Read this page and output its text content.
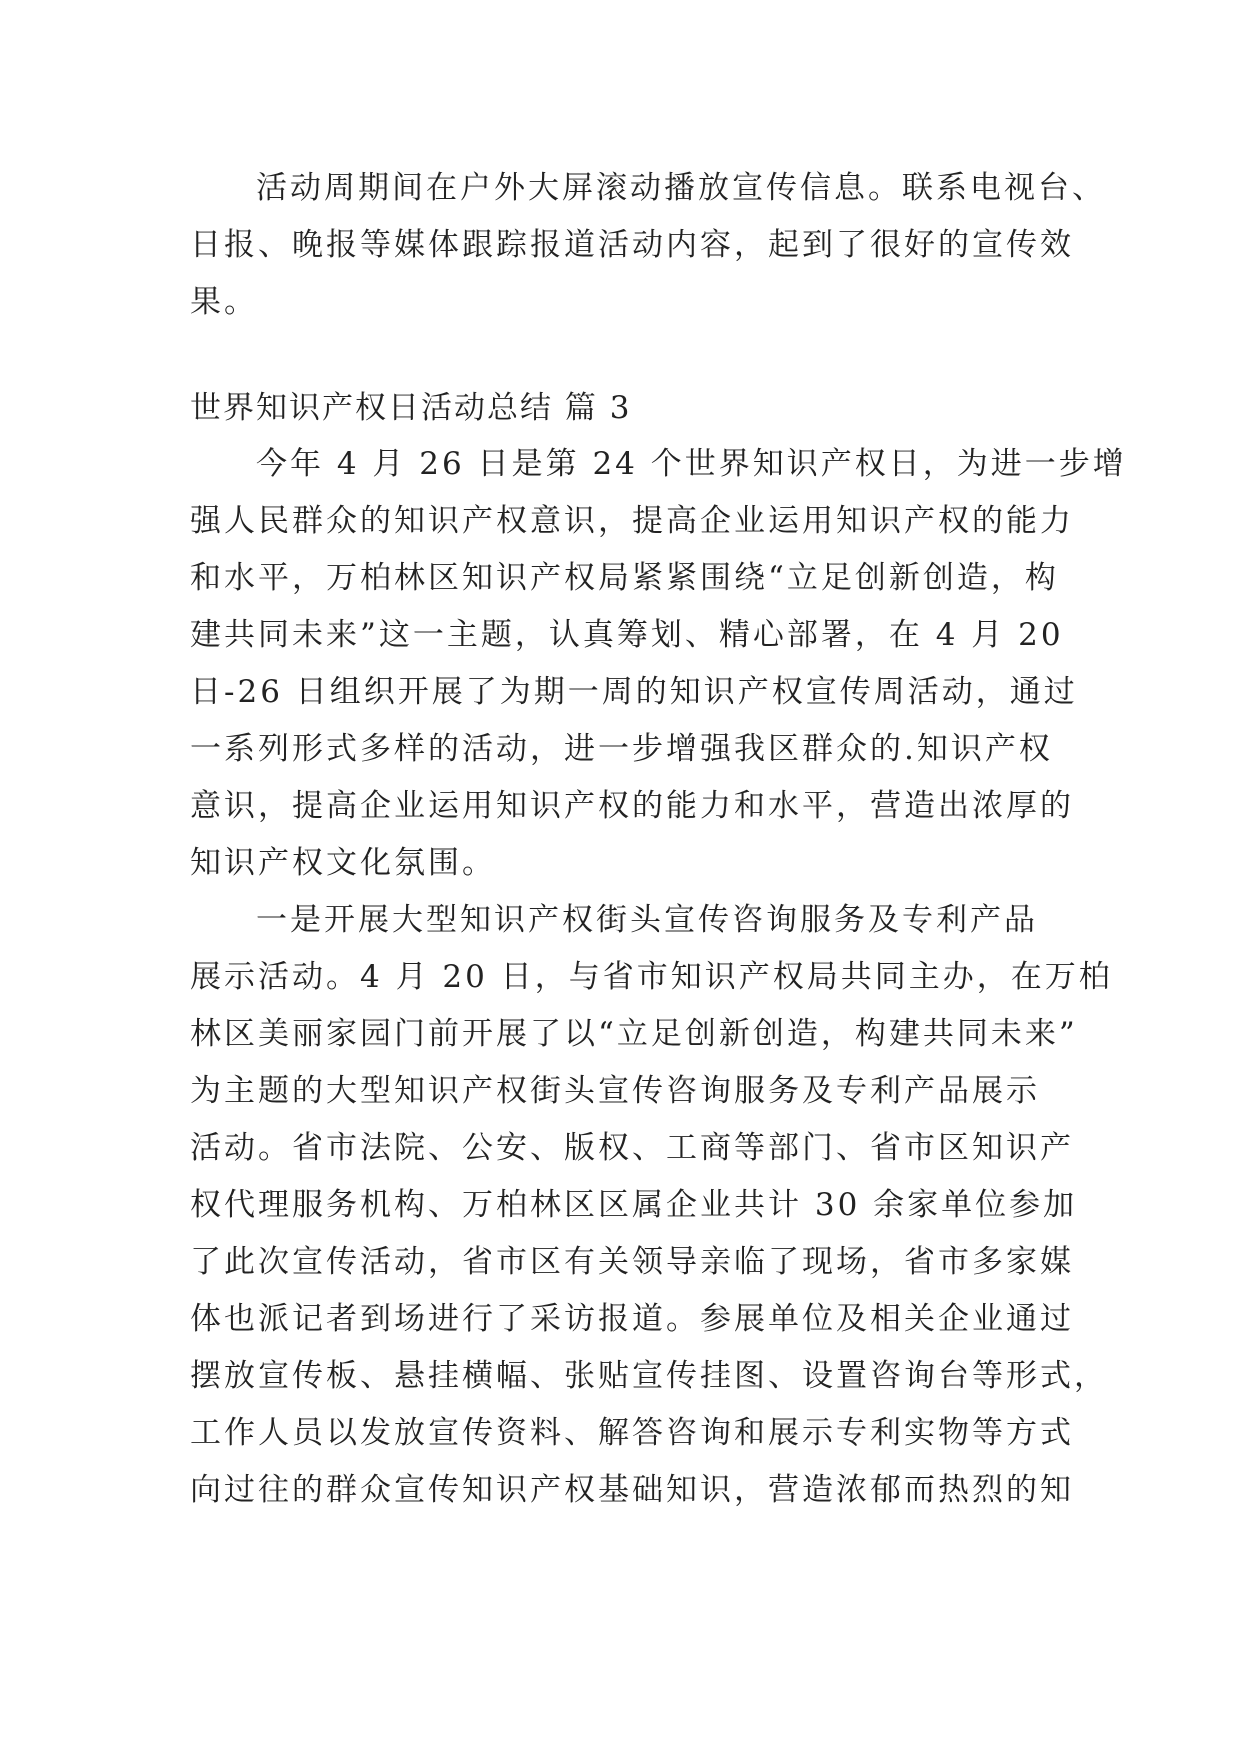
活动周期间在户外大屏滚动播放宣传信息。联系电视台、
日报、晚报等媒体跟踪报道活动内容，起到了很好的宣传效
果。
世界知识产权日活动总结 篇 3
今年 4 月 26 日是第 24 个世界知识产权日，为进一步增
强人民群众的知识产权意识，提高企业运用知识产权的能力
和水平，万柏林区知识产权局紧紧围绕“立足创新创造，构
建共同未来”这一主题，认真筹划、精心部署，在 4 月 20
日-26 日组织开展了为期一周的知识产权宣传周活动，通过
一系列形式多样的活动，进一步增强我区群众的.知识产权
意识，提高企业运用知识产权的能力和水平，营造出浓厚的
知识产权文化氛围。
一是开展大型知识产权街头宣传咨询服务及专利产品
展示活动。4 月 20 日，与省市知识产权局共同主办，在万柏
林区美丽家园门前开展了以“立足创新创造，构建共同未来”
为主题的大型知识产权街头宣传咨询服务及专利产品展示
活动。省市法院、公安、版权、工商等部门、省市区知识产
权代理服务机构、万柏林区区属企业共计 30 余家单位参加
了此次宣传活动，省市区有关领导亲临了现场，省市多家媒
体也派记者到场进行了采访报道。参展单位及相关企业通过
摆放宣传板、悬挂横幅、张贴宣传挂图、设置咨询台等形式，
工作人员以发放宣传资料、解答咨询和展示专利实物等方式
向过往的群众宣传知识产权基础知识，营造浓郁而热烈的知
